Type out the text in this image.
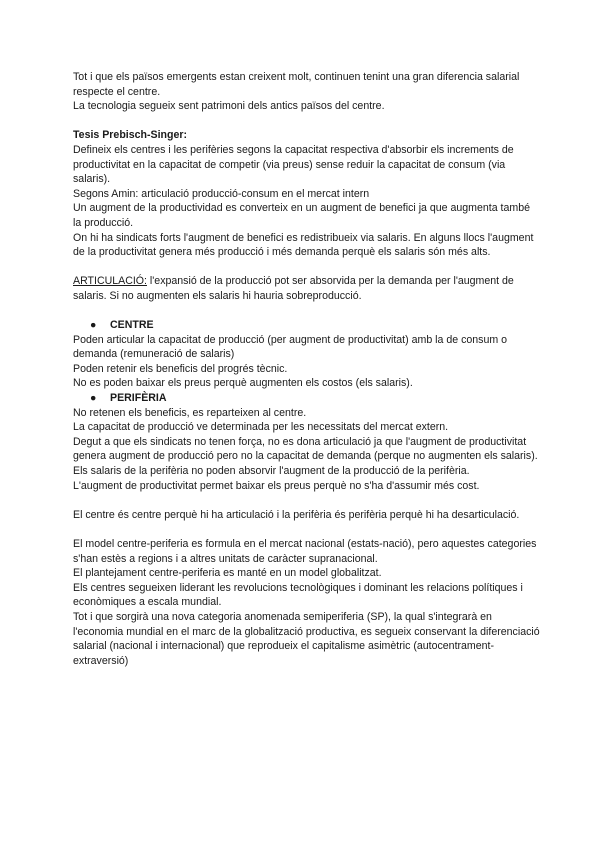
Tot i que els països emergents estan creixent molt, continuen tenint una gran diferencia salarial respecte el centre.

La tecnologia segueix sent patrimoni dels antics països del centre.

Tesis Prebisch-Singer:

Defineix els centres i les perifèries segons la capacitat respectiva d'absorbir els increments de productivitat en la capacitat de competir (via preus) sense reduir la capacitat de consum (via salaris).

Segons Amin: articulació producció-consum en el mercat intern

Un augment de la productividad es converteix en un augment de benefici ja que augmenta també la producció.

On hi ha sindicats forts l'augment de benefici es redistribueix via salaris. En alguns llocs l'augment de la productivitat genera més producció i més demanda perquè els salaris són més alts.

ARTICULACIÓ: l'expansió de la producció pot ser absorvida per la demanda per l'augment de salaris. Si no augmenten els salaris hi hauria sobreproducció.

●	CENTRE

Poden articular la capacitat de producció (per augment de productivitat) amb la de consum o demanda (remuneració de salaris)

Poden retenir els beneficis del progrés tècnic.

No es poden baixar els preus perquè augmenten els costos (els salaris).

●	PERIFÈRIA

No retenen els beneficis, es reparteixen al centre.

La capacitat de producció ve determinada per les necessitats del mercat extern.

Degut a que els sindicats no tenen força, no es dona articulació ja que l'augment de productivitat genera augment de producció pero no la capacitat de demanda (perque no augmenten els salaris). Els salaris de la perifèria no poden absorvir l'augment de la producció de la perifèria.

L'augment de productivitat permet baixar els preus perquè no s'ha d'assumir més cost.

El centre és centre perquè hi ha articulació i la perifèria és perifèria perquè hi ha desarticulació.

El model centre-periferia es formula en el mercat nacional (estats-nació), pero aquestes categories s'han estès a regions i a altres unitats de caràcter supranacional.

El plantejament centre-periferia es manté en un model globalitzat.

Els centres segueixen liderant les revolucions tecnològiques i dominant les relacions polítiques i econòmiques a escala mundial.

Tot i que sorgirà una nova categoria anomenada semiperiferia (SP), la qual s'integrarà en l'economia mundial en el marc de la globalització productiva, es segueix conservant la diferenciació salarial (nacional i internacional) que reprodueix el capitalisme asimètric (autocentrament-extraversió)
